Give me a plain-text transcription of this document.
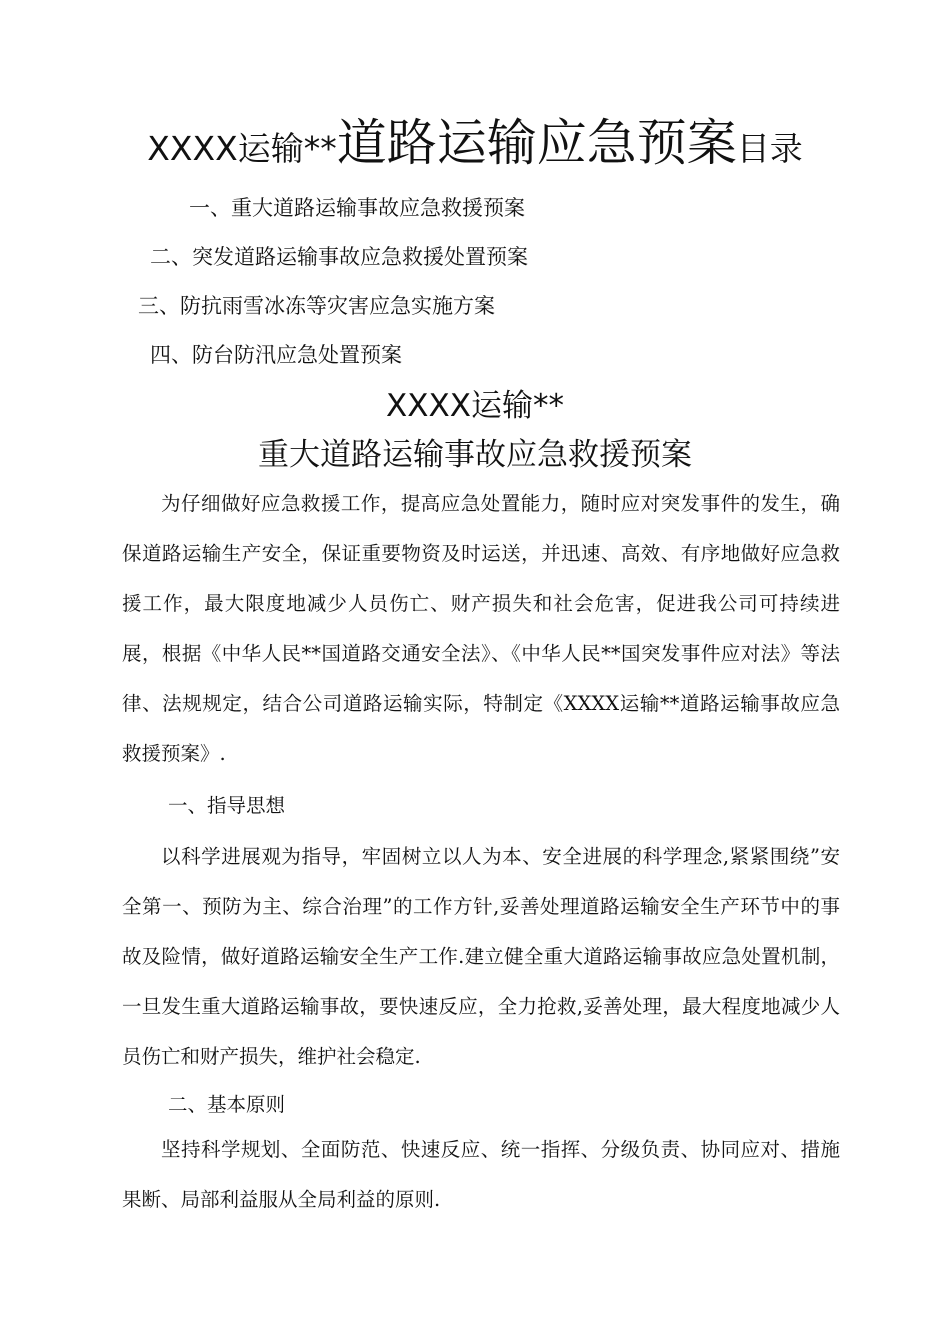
XXXX运输**道路运输应急预案目录
一、重大道路运输事故应急救援预案
二、突发道路运输事故应急救援处置预案
三、防抗雨雪冰冻等灾害应急实施方案
四、防台防汛应急处置预案
XXXX运输**
重大道路运输事故应急救援预案

为仔细做好应急救援工作，提高应急处置能力，随时应对突发事件的发生，确保道路运输生产安全，保证重要物资及时运送，并迅速、高效、有序地做好应急救援工作，最大限度地减少人员伤亡、财产损失和社会危害，促进我公司可持续进展，根据《中华人民**国道路交通安全法》、《中华人民**国突发事件应对法》等法律、法规规定，结合公司道路运输实际，特制定《XXXX运输**道路运输事故应急救援预案》.

一、指导思想

以科学进展观为指导，牢固树立以人为本、安全进展的科学理念,紧紧围绕”安全第一、预防为主、综合治理”的工作方针,妥善处理道路运输安全生产环节中的事故及险情，做好道路运输安全生产工作.建立健全重大道路运输事故应急处置机制，一旦发生重大道路运输事故，要快速反应，全力抢救,妥善处理，最大程度地减少人员伤亡和财产损失，维护社会稳定.

二、基本原则

坚持科学规划、全面防范、快速反应、统一指挥、分级负责、协同应对、措施果断、局部利益服从全局利益的原则.
